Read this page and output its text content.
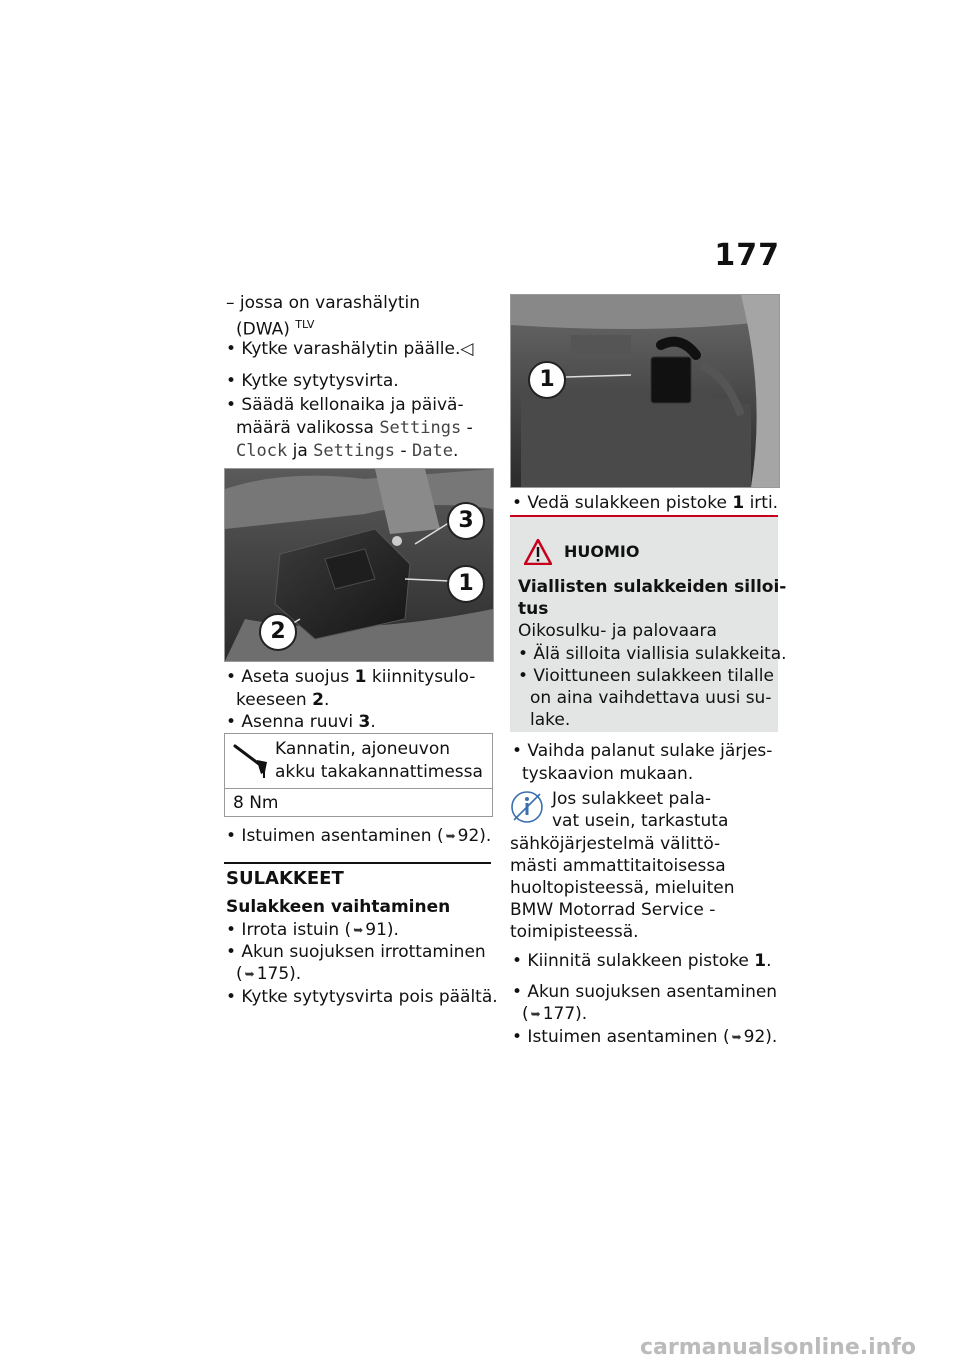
177
– jossa on varashälytin
(DWA) $^{TLV}$
• Kytke varashälytin päälle.◁
• Kytke sytytysvirta.
• Säädä kellonaika ja päivä-
määrä valikossa Settings -
Clock ja Settings - Date.
3
1
2
• Aseta suojus 1 kiinnitysulo-
keeseen 2.
• Asenna ruuvi 3.
Kannatin, ajoneuvon
akku takakannattimessa
8 Nm
• Istuimen asentaminen ( ➥ 92).
SULAKKEET
Sulakkeen vaihtaminen
• Irrota istuin ( ➥ 91).
• Akun suojuksen irrottaminen
( ➥ 175).
• Kytke sytytysvirta pois päältä.
1
• Vedä sulakkeen pistoke 1 irti.
HUOMIO
Viallisten sulakkeiden silloi-
tus
Oikosulku- ja palovaara
• Älä silloita viallisia sulakkeita.
• Vioittuneen sulakkeen tilalle
on aina vaihdettava uusi su-
lake.
• Vaihda palanut sulake järjes-
tyskaavion mukaan.
Jos sulakkeet pala-
vat usein, tarkastuta
sähköjärjestelmä välittö-
mästi ammattitaitoisessa
huoltopisteessä, mieluiten
BMW Motorrad Service -
toimipisteessä.
• Kiinnitä sulakkeen pistoke 1.
• Akun suojuksen asentaminen
( ➥ 177).
• Istuimen asentaminen ( ➥ 92).
carmanualsonline.info
